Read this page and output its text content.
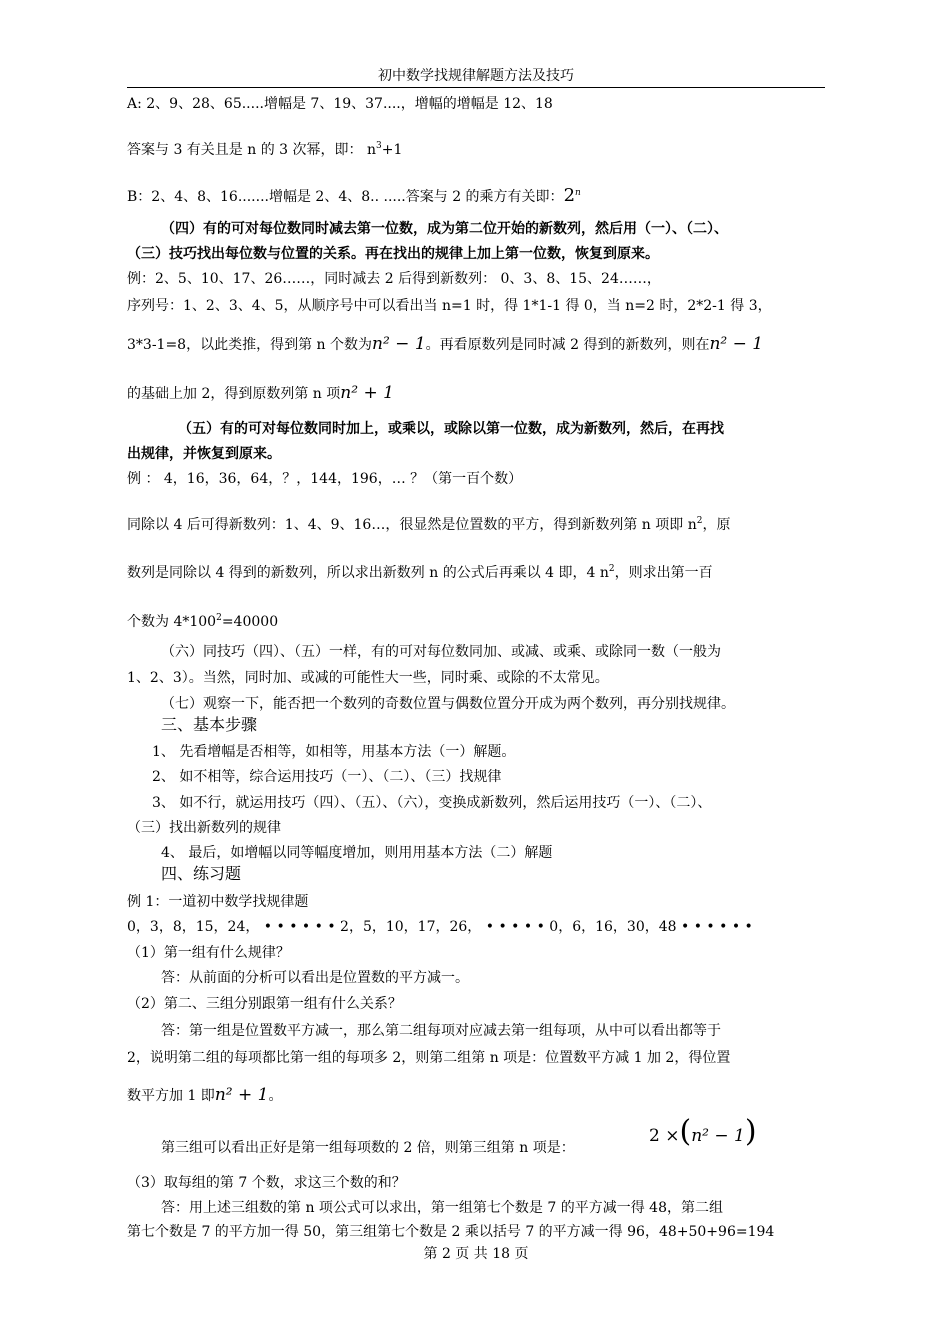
初中数学找规律解题方法及技巧
A: 2、9、28、65.....增幅是 7、19、37....，增幅的增幅是 12、18
答案与 3 有关且是 n 的 3 次幂，即： $n^3+1$
B：2、4、8、16.......增幅是 2、4、8.. .....答案与 2 的乘方有关即：2$^n$
（四）有的可对每位数同时减去第一位数，成为第二位开始的新数列，然后用（一）、（二）、
（三）技巧找出每位数与位置的关系。再在找出的规律上加上第一位数，恢复到原来。
例：2、5、10、17、26……，同时减去 2 后得到新数列： 0、3、8、15、24……，
序列号：1、2、3、4、5，从顺序号中可以看出当 n=1 时，得 1*1-1 得 0，当 n=2 时，2*2-1 得 3，
3*3-1=8，以此类推，得到第 n 个数为n² − 1。再看原数列是同时减 2 得到的新数列，则在n² − 1
的基础上加 2，得到原数列第 n 项n² + 1
（五）有的可对每位数同时加上，或乘以，或除以第一位数，成为新数列，然后，在再找
出规律，并恢复到原来。
例 ： 4，16，36，64，？，144，196，… ？（第一百个数）
同除以 4 后可得新数列：1、4、9、16…，很显然是位置数的平方，得到新数列第 n 项即 $n^2$，原
数列是同除以 4 得到的新数列，所以求出新数列 n 的公式后再乘以 4 即，4 $n^2$，则求出第一百
个数为 $4*100^2=40000$
（六）同技巧（四）、（五）一样，有的可对每位数同加、或减、或乘、或除同一数（一般为
1、2、3）。当然，同时加、或减的可能性大一些，同时乘、或除的不太常见。
（七）观察一下，能否把一个数列的奇数位置与偶数位置分开成为两个数列，再分别找规律。
三、基本步骤
1、 先看增幅是否相等，如相等，用基本方法（一）解题。
2、 如不相等，综合运用技巧（一）、（二）、（三）找规律
3、 如不行，就运用技巧（四）、（五）、（六），变换成新数列，然后运用技巧（一）、（二）、
（三）找出新数列的规律
4、 最后，如增幅以同等幅度增加，则用用基本方法（二）解题
四、练习题
例 1：一道初中数学找规律题
0，3，8，15，24， • • • • • • 2，5，10，17，26， • • • • • 0，6，16，30，48 • • • • • •
（1）第一组有什么规律？
答：从前面的分析可以看出是位置数的平方减一。
（2）第二、三组分别跟第一组有什么关系？
答：第一组是位置数平方减一，那么第二组每项对应减去第一组每项，从中可以看出都等于
2，说明第二组的每项都比第一组的每项多 2，则第二组第 n 项是：位置数平方减 1 加 2，得位置
数平方加 1 即n² + 1。
第三组可以看出正好是第一组每项数的 2 倍，则第三组第 n 项是：
2 ×(n² − 1)
（3）取每组的第 7 个数，求这三个数的和？
答：用上述三组数的第 n 项公式可以求出，第一组第七个数是 7 的平方减一得 48，第二组
第七个数是 7 的平方加一得 50，第三组第七个数是 2 乘以括号 7 的平方减一得 96，48+50+96=194
第 2 页 共 18 页
